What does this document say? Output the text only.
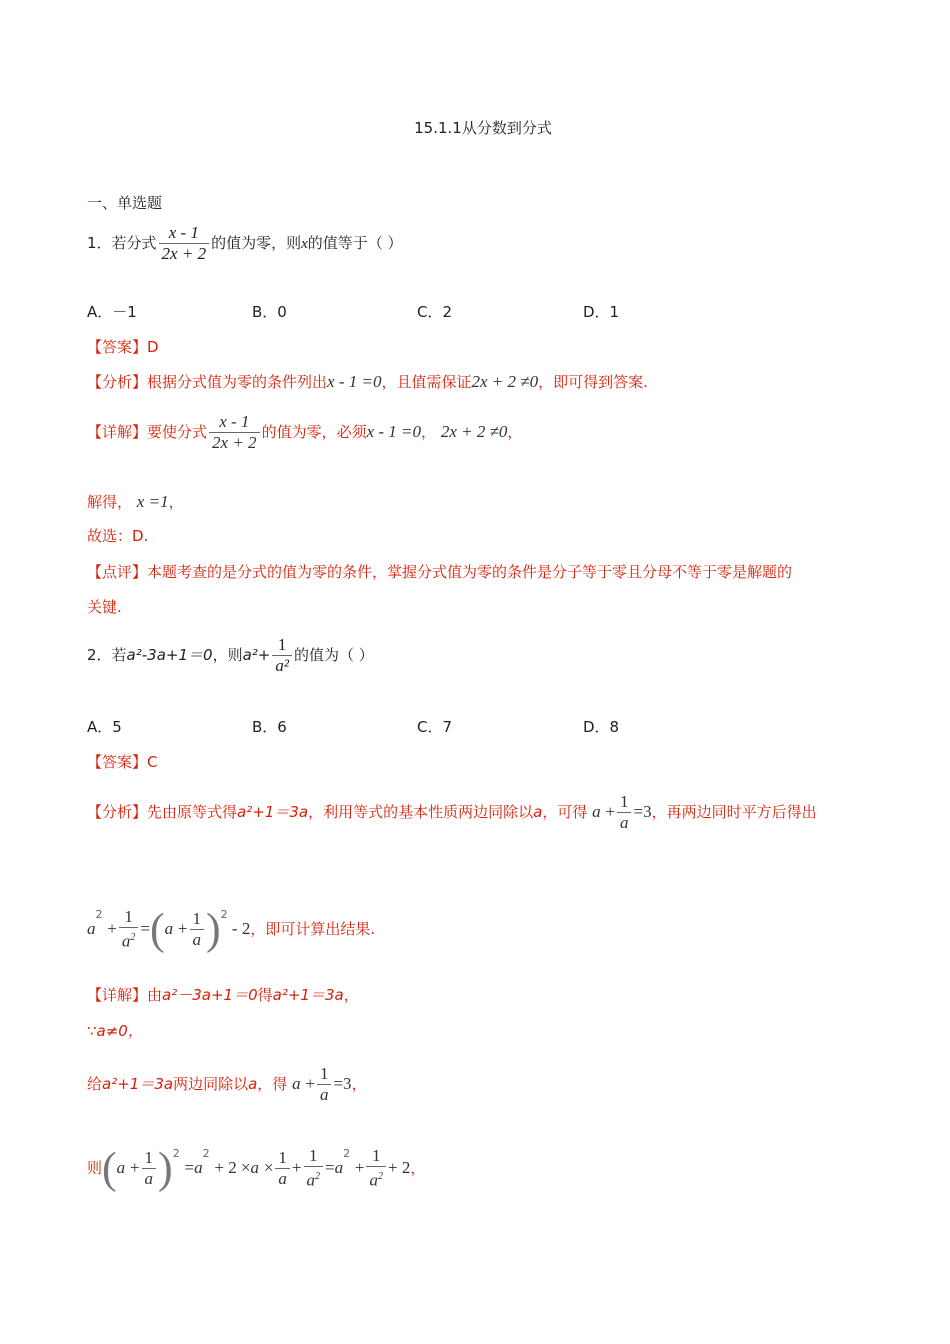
15.1.1从分数到分式
一、单选题
1．若分式 $\frac{x - 1}{2x + 2}$ 的值为零，则x的值等于（ ）
A．－1	B．0	C．2	D．1
【答案】D
【分析】根据分式值为零的条件列出x - 1 =0，且值需保证2x + 2 ≠0，即可得到答案.
【详解】要使分式 $\frac{x - 1}{2x + 2}$ 的值为零，必须x - 1 =0， 2x + 2 ≠0，
解得， x =1，
故选：D.
【点评】本题考查的是分式的值为零的条件，掌握分式值为零的条件是分子等于零且分母不等于零是解题的
关键.
2．若a²-3a+1＝0，则$a^2+ \frac{1}{\text{a²}}$ 的值为（ ）
A．5	B．6	C．7	D．8
【答案】C
【分析】先由原等式得a²+1＝3a，利用等式的基本性质两边同除以a，可得 $a + \frac{1}{a} =3$，再两边同时平方后得出
$a^2 + \frac{1}{a^2} =(a + \frac{1}{a} )^2 - 2$，即可计算出结果.
【详解】由a²－3a+1＝0得a²+1＝3a，
∵a≠0，
给a²+1＝3a两边同除以a，得 $a + \frac{1}{a} =3$，
则$(a + \frac{1}{a} )^2 =a^2 + 2 \times a \times \frac{1}{a} + \frac{1}{a^2} =a^2 + \frac{1}{a^2} + 2$，
